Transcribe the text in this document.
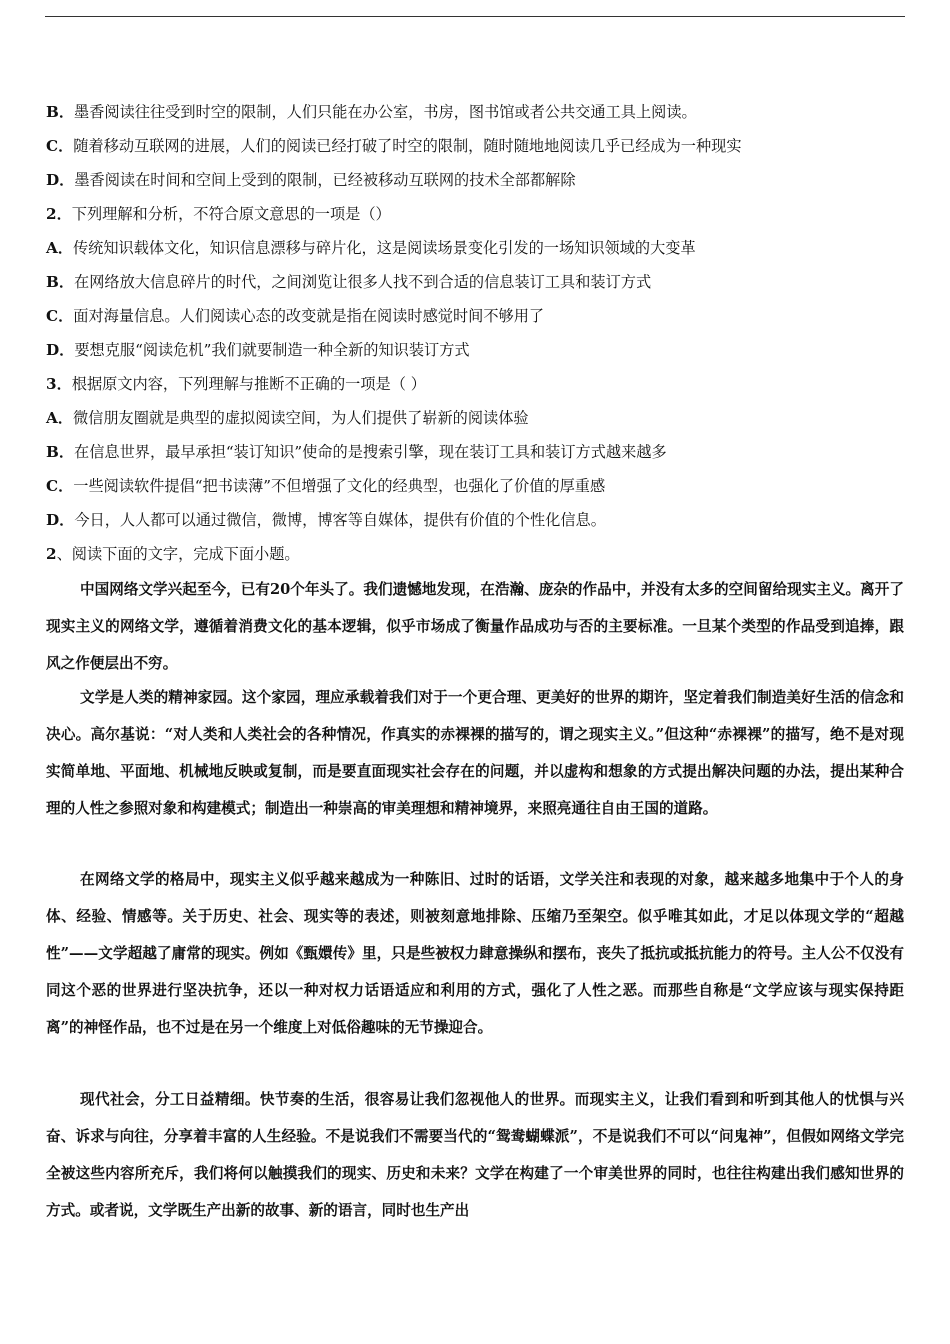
B．墨香阅读往往受到时空的限制，人们只能在办公室，书房，图书馆或者公共交通工具上阅读。
C．随着移动互联网的进展，人们的阅读已经打破了时空的限制，随时随地地阅读几乎已经成为一种现实
D．墨香阅读在时间和空间上受到的限制，已经被移动互联网的技术全部都解除
2．下列理解和分析，不符合原文意思的一项是（）
A．传统知识载体文化，知识信息漂移与碎片化，这是阅读场景变化引发的一场知识领域的大变革
B．在网络放大信息碎片的时代，之间浏览让很多人找不到合适的信息装订工具和装订方式
C．面对海量信息。人们阅读心态的改变就是指在阅读时感觉时间不够用了
D．要想克服“阅读危机”我们就要制造一种全新的知识装订方式
3．根据原文内容，下列理解与推断不正确的一项是（ ）
A．微信朋友圈就是典型的虚拟阅读空间，为人们提供了崭新的阅读体验
B．在信息世界，最早承担“装订知识”使命的是搜索引擎，现在装订工具和装订方式越来越多
C．一些阅读软件提倡“把书读薄”不但增强了文化的经典型，也强化了价值的厚重感
D．今日，人人都可以通过微信，微博，博客等自媒体，提供有价值的个性化信息。
2、阅读下面的文字，完成下面小题。

中国网络文学兴起至今，已有20个年头了。我们遗憾地发现，在浩瀚、庞杂的作品中，并没有太多的空间留给现实主义。离开了现实主义的网络文学，遵循着消费文化的基本逻辑，似乎市场成了衡量作品成功与否的主要标准。一旦某个类型的作品受到追捧，跟风之作便层出不穷。

文学是人类的精神家园。这个家园，理应承载着我们对于一个更合理、更美好的世界的期许，坚定着我们制造美好生活的信念和决心。高尔基说：“对人类和人类社会的各种情况，作真实的赤裸裸的描写的，谓之现实主义。”但这种“赤裸裸”的描写，绝不是对现实简单地、平面地、机械地反映或复制，而是要直面现实社会存在的问题，并以虚构和想象的方式提出解决问题的办法，提出某种合理的人性之参照对象和构建模式；制造出一种崇高的审美理想和精神境界，来照亮通往自由王国的道路。

在网络文学的格局中，现实主义似乎越来越成为一种陈旧、过时的话语，文学关注和表现的对象，越来越多地集中于个人的身体、经验、情感等。关于历史、社会、现实等的表述，则被刻意地排除、压缩乃至架空。似乎唯其如此，才足以体现文学的“超越性”——文学超越了庸常的现实。例如《甄嬛传》里，只是些被权力肆意操纵和摆布，丧失了抵抗或抵抗能力的符号。主人公不仅没有同这个恶的世界进行坚决抗争，还以一种对权力话语适应和利用的方式，强化了人性之恶。而那些自称是“文学应该与现实保持距离”的神怪作品，也不过是在另一个维度上对低俗趣味的无节操迎合。

现代社会，分工日益精细。快节奏的生活，很容易让我们忽视他人的世界。而现实主义，让我们看到和听到其他人的忧惧与兴奋、诉求与向往，分享着丰富的人生经验。不是说我们不需要当代的“鸳鸯蝴蝶派”，不是说我们不可以“问鬼神”，但假如网络文学完全被这些内容所充斥，我们将何以触摸我们的现实、历史和未来？文学在构建了一个审美世界的同时，也往往构建出我们感知世界的方式。或者说，文学既生产出新的故事、新的语言，同时也生产出
